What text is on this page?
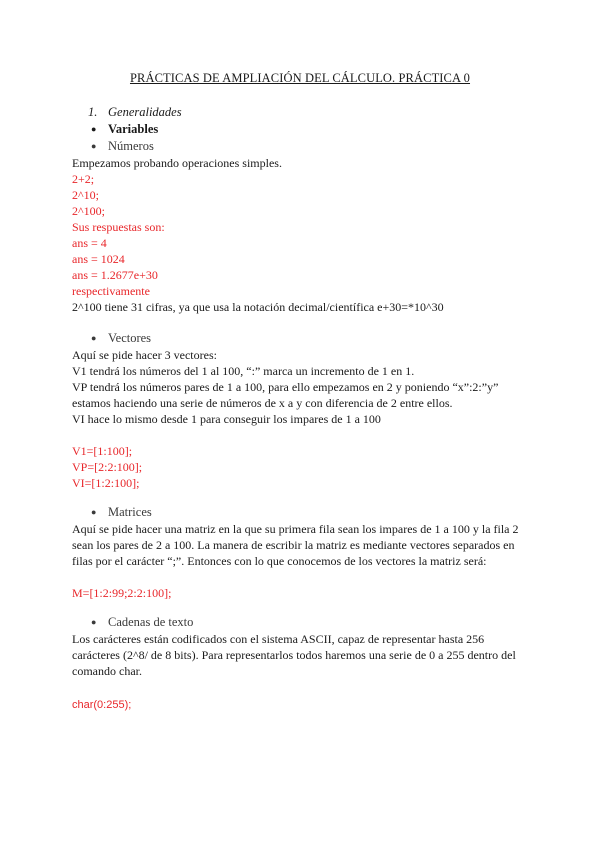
PRÁCTICAS DE AMPLIACIÓN DEL CÁLCULO. PRÁCTICA 0
1. Generalidades
● Variables
● Números
Empezamos probando operaciones simples.
2+2;
2^10;
2^100;
Sus respuestas son:
ans = 4
ans = 1024
ans = 1.2677e+30
respectivamente
2^100 tiene 31 cifras, ya que usa la notación decimal/científica e+30=*10^30
● Vectores
Aquí se pide hacer 3 vectores:
V1 tendrá los números del 1 al 100, “:” marca un incremento de 1 en 1.
VP tendrá los números pares de 1 a 100, para ello empezamos en 2 y poniendo “x”:2:”y”
estamos haciendo una serie de números de x a y con diferencia de 2 entre ellos.
VI hace lo mismo desde 1 para conseguir los impares de 1 a 100
V1=[1:100];
VP=[2:2:100];
VI=[1:2:100];
● Matrices
Aquí se pide hacer una matriz en la que su primera fila sean los impares de 1 a 100 y la fila 2
sean los pares de 2 a 100. La manera de escribir la matriz es mediante vectores separados en
filas por el carácter “;”. Entonces con lo que conocemos de los vectores la matriz será:
M=[1:2:99;2:2:100];
● Cadenas de texto
Los carácteres están codificados con el sistema ASCII, capaz de representar hasta 256
carácteres (2^8/ de 8 bits). Para representarlos todos haremos una serie de 0 a 255 dentro del
comando char.
char(0:255);
